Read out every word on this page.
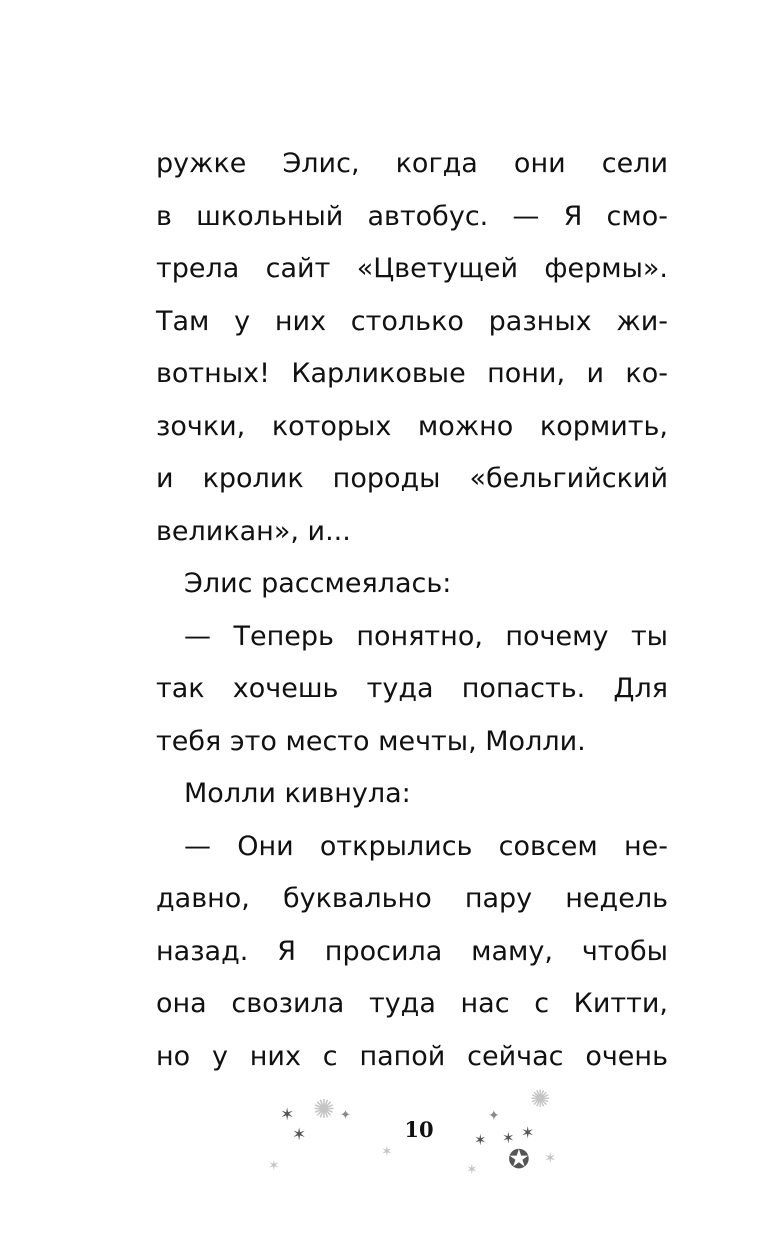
ружке Элис, когда они сели
в школьный автобус. — Я смо-
трела сайт «Цветущей фермы».
Там у них столько разных жи-
вотных! Карликовые пони, и ко-
зочки, которых можно кормить,
и кролик породы «бельгийский
великан», и...
Элис рассмеялась:
— Теперь понятно, почему ты
так хочешь туда попасть. Для
тебя это место мечты, Молли.
Молли кивнула:
— Они открылись совсем не-
давно, буквально пару недель
назад. Я просила маму, чтобы
она свозила туда нас с Китти,
но у них с папой сейчас очень
✶ ✺ ✦
✶
✶
✶
10
✺
✦
✶ ✶ ✶
✪ ✶
✶
